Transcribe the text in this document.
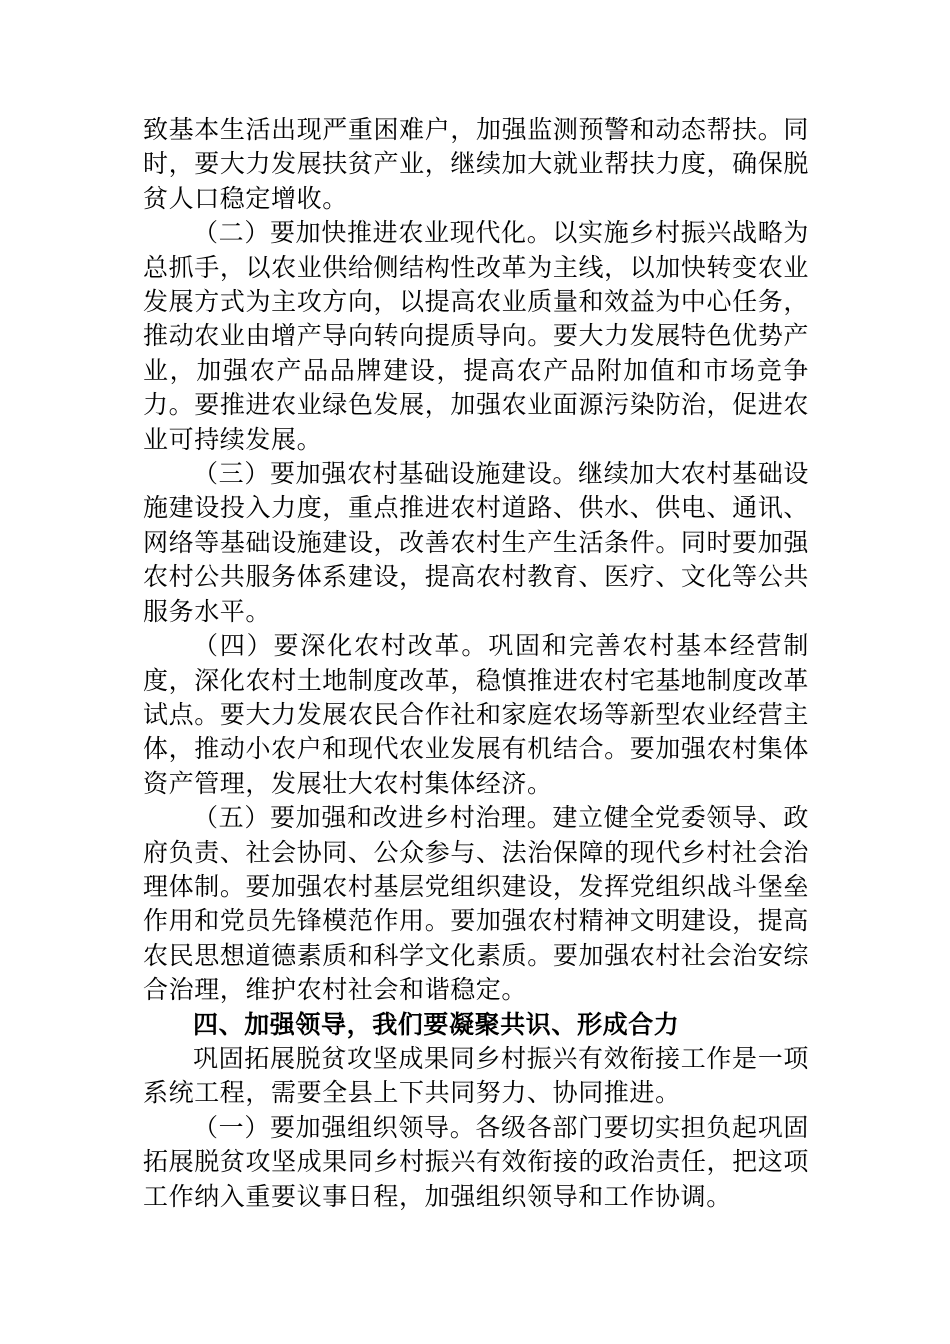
致基本生活出现严重困难户，加强监测预警和动态帮扶。同时，要大力发展扶贫产业，继续加大就业帮扶力度，确保脱贫人口稳定增收。

（二）要加快推进农业现代化。以实施乡村振兴战略为总抓手，以农业供给侧结构性改革为主线，以加快转变农业发展方式为主攻方向，以提高农业质量和效益为中心任务，推动农业由增产导向转向提质导向。要大力发展特色优势产业，加强农产品品牌建设，提高农产品附加值和市场竞争力。要推进农业绿色发展，加强农业面源污染防治，促进农业可持续发展。

（三）要加强农村基础设施建设。继续加大农村基础设施建设投入力度，重点推进农村道路、供水、供电、通讯、网络等基础设施建设，改善农村生产生活条件。同时要加强农村公共服务体系建设，提高农村教育、医疗、文化等公共服务水平。

（四）要深化农村改革。巩固和完善农村基本经营制度，深化农村土地制度改革，稳慎推进农村宅基地制度改革试点。要大力发展农民合作社和家庭农场等新型农业经营主体，推动小农户和现代农业发展有机结合。要加强农村集体资产管理，发展壮大农村集体经济。

（五）要加强和改进乡村治理。建立健全党委领导、政府负责、社会协同、公众参与、法治保障的现代乡村社会治理体制。要加强农村基层党组织建设，发挥党组织战斗堡垒作用和党员先锋模范作用。要加强农村精神文明建设，提高农民思想道德素质和科学文化素质。要加强农村社会治安综合治理，维护农村社会和谐稳定。

四、加强领导，我们要凝聚共识、形成合力

巩固拓展脱贫攻坚成果同乡村振兴有效衔接工作是一项系统工程，需要全县上下共同努力、协同推进。

（一）要加强组织领导。各级各部门要切实担负起巩固拓展脱贫攻坚成果同乡村振兴有效衔接的政治责任，把这项工作纳入重要议事日程，加强组织领导和工作协调。
